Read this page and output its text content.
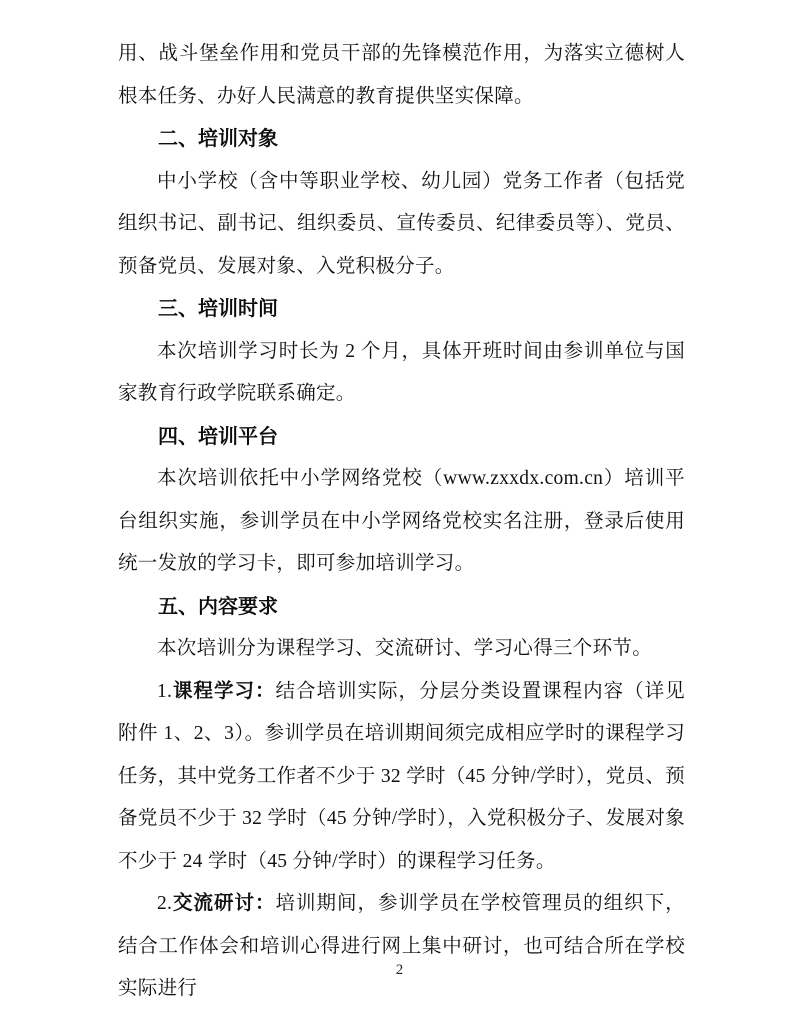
用、战斗堡垒作用和党员干部的先锋模范作用，为落实立德树人根本任务、办好人民满意的教育提供坚实保障。

二、培训对象

中小学校（含中等职业学校、幼儿园）党务工作者（包括党组织书记、副书记、组织委员、宣传委员、纪律委员等）、党员、预备党员、发展对象、入党积极分子。

三、培训时间

本次培训学习时长为 2 个月，具体开班时间由参训单位与国家教育行政学院联系确定。

四、培训平台

本次培训依托中小学网络党校（www.zxxdx.com.cn）培训平台组织实施，参训学员在中小学网络党校实名注册，登录后使用统一发放的学习卡，即可参加培训学习。

五、内容要求

本次培训分为课程学习、交流研讨、学习心得三个环节。

1.课程学习：结合培训实际，分层分类设置课程内容（详见附件 1、2、3）。参训学员在培训期间须完成相应学时的课程学习任务，其中党务工作者不少于 32 学时（45 分钟/学时），党员、预备党员不少于 32 学时（45 分钟/学时），入党积极分子、发展对象不少于 24 学时（45 分钟/学时）的课程学习任务。

2.交流研讨：培训期间，参训学员在学校管理员的组织下，结合工作体会和培训心得进行网上集中研讨，也可结合所在学校实际进行

2
